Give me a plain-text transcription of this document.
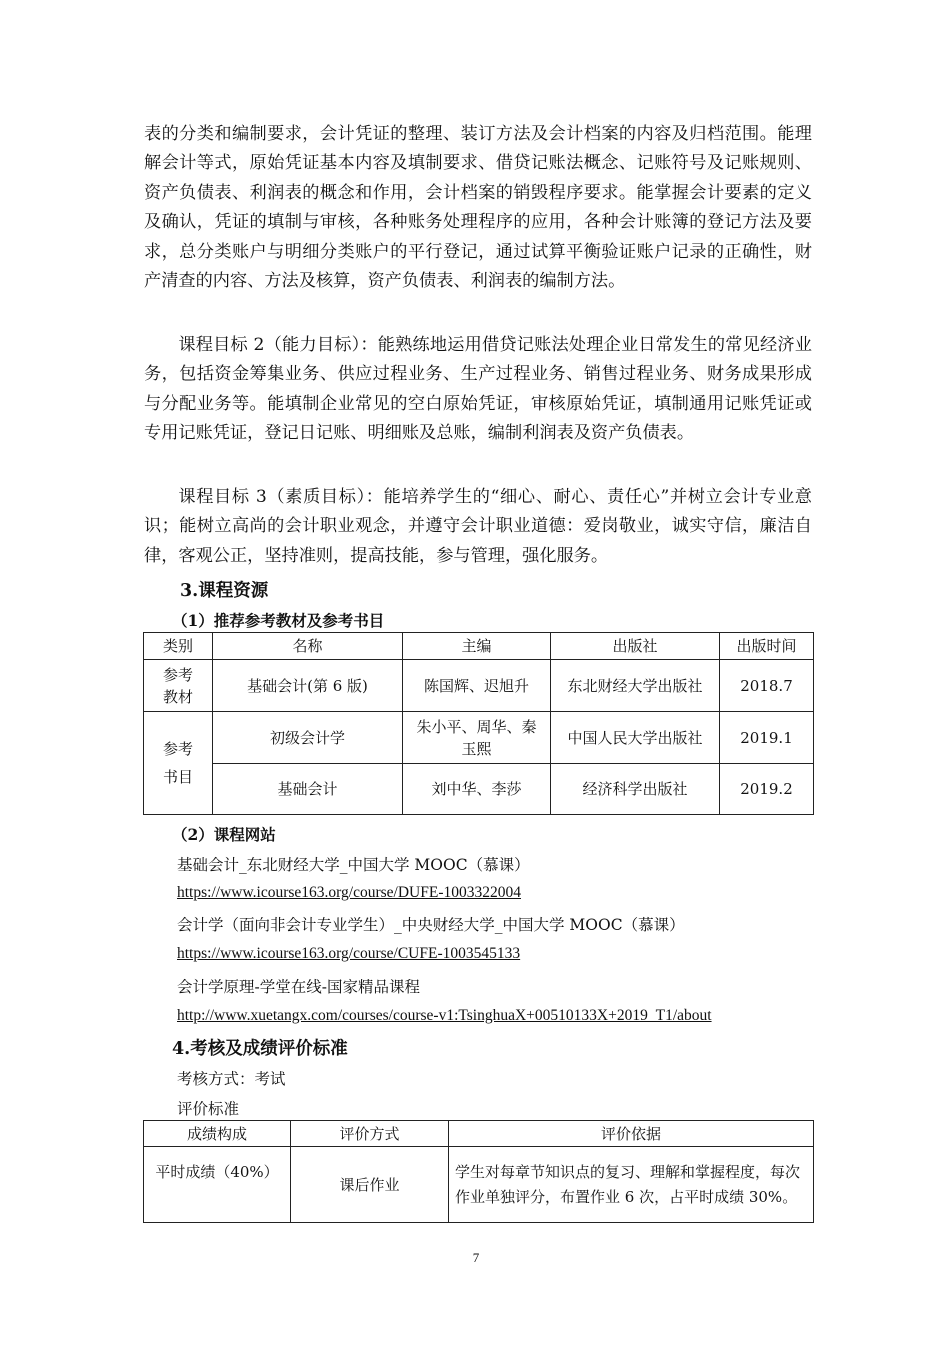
表的分类和编制要求，会计凭证的整理、装订方法及会计档案的内容及归档范围。能理解会计等式，原始凭证基本内容及填制要求、借贷记账法概念、记账符号及记账规则、资产负债表、利润表的概念和作用，会计档案的销毁程序要求。能掌握会计要素的定义及确认，凭证的填制与审核，各种账务处理程序的应用，各种会计账簿的登记方法及要求，总分类账户与明细分类账户的平行登记，通过试算平衡验证账户记录的正确性，财产清查的内容、方法及核算，资产负债表、利润表的编制方法。

课程目标 2（能力目标）：能熟练地运用借贷记账法处理企业日常发生的常见经济业务，包括资金筹集业务、供应过程业务、生产过程业务、销售过程业务、财务成果形成与分配业务等。能填制企业常见的空白原始凭证，审核原始凭证，填制通用记账凭证或专用记账凭证，登记日记账、明细账及总账，编制利润表及资产负债表。

课程目标 3（素质目标）：能培养学生的“细心、耐心、责任心”并树立会计专业意识；能树立高尚的会计职业观念，并遵守会计职业道德：爱岗敬业，诚实守信，廉洁自律，客观公正，坚持准则，提高技能，参与管理，强化服务。

3.课程资源

（1）推荐参考教材及参考书目

类别	名称	主编	出版社	出版时间
参考教材	基础会计(第 6 版)	陈国辉、迟旭升	东北财经大学出版社	2018.7
参考书目	初级会计学	朱小平、周华、秦玉熙	中国人民大学出版社	2019.1
	基础会计	刘中华、李莎	经济科学出版社	2019.2

（2）课程网站

基础会计_东北财经大学_中国大学 MOOC（慕课）

https://www.icourse163.org/course/DUFE-1003322004

会计学（面向非会计专业学生）_中央财经大学_中国大学 MOOC（慕课）

https://www.icourse163.org/course/CUFE-1003545133

会计学原理-学堂在线-国家精品课程

http://www.xuetangx.com/courses/course-v1:TsinghuaX+00510133X+2019_T1/about

4.考核及成绩评价标准

考核方式：考试

评价标准

成绩构成	评价方式	评价依据
平时成绩（40%）	课后作业	学生对每章节知识点的复习、理解和掌握程度，每次作业单独评分，布置作业 6 次，占平时成绩 30%。
7
